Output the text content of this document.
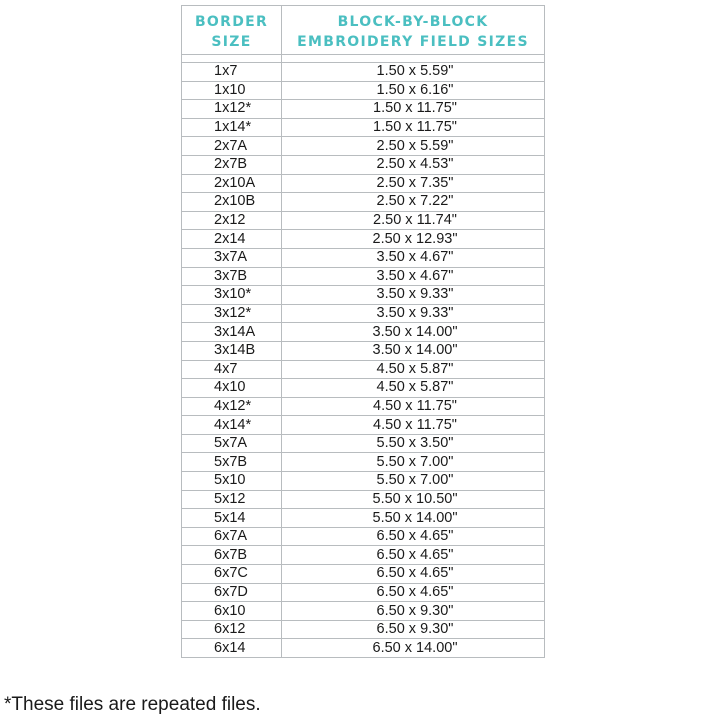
BORDER
SIZE	BLOCK-BY-BLOCK
EMBROIDERY FIELD SIZES

1x7	1.50 x 5.59"
1x10	1.50 x 6.16"
1x12*	1.50 x 11.75"
1x14*	1.50 x 11.75"
2x7A	2.50 x 5.59"
2x7B	2.50 x 4.53"
2x10A	2.50 x 7.35"
2x10B	2.50 x 7.22"
2x12	2.50 x 11.74"
2x14	2.50 x 12.93"
3x7A	3.50 x 4.67"
3x7B	3.50 x 4.67"
3x10*	3.50 x 9.33"
3x12*	3.50 x 9.33"
3x14A	3.50 x 14.00"
3x14B	3.50 x 14.00"
4x7	4.50 x 5.87"
4x10	4.50 x 5.87"
4x12*	4.50 x 11.75"
4x14*	4.50 x 11.75"
5x7A	5.50 x 3.50"
5x7B	5.50 x 7.00"
5x10	5.50 x 7.00"
5x12	5.50 x 10.50"
5x14	5.50 x 14.00"
6x7A	6.50 x 4.65"
6x7B	6.50 x 4.65"
6x7C	6.50 x 4.65"
6x7D	6.50 x 4.65"
6x10	6.50 x 9.30"
6x12	6.50 x 9.30"
6x14	6.50 x 14.00"
*These files are repeated files.
